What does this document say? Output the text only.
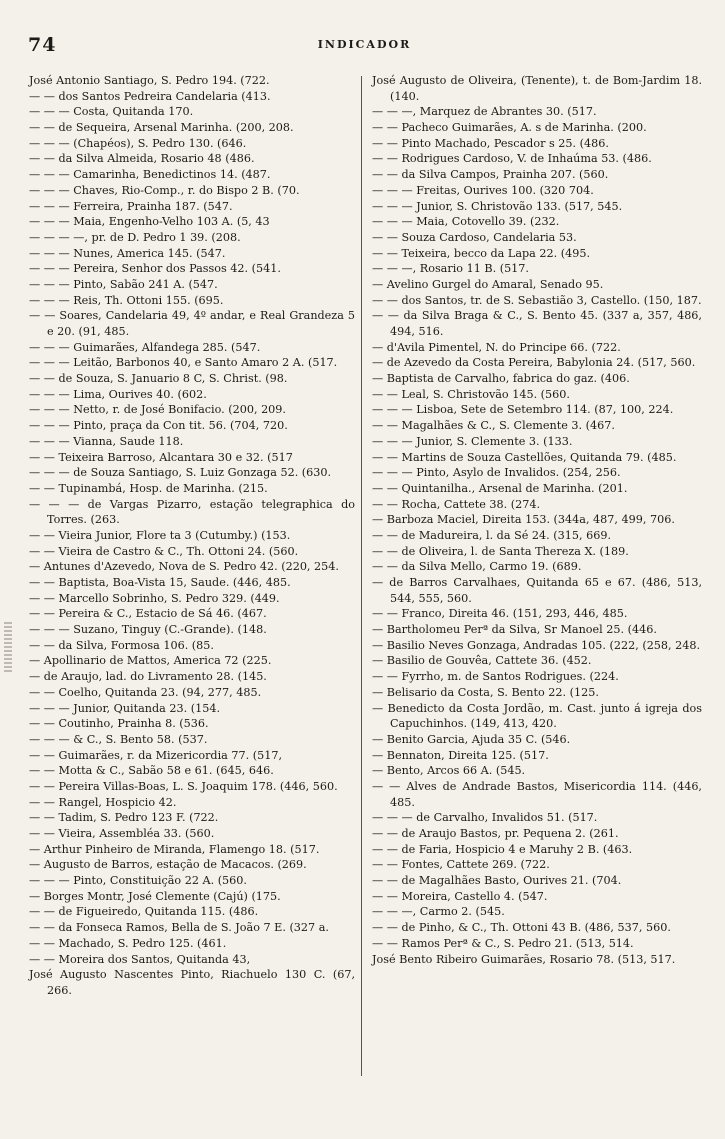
74	INDICADOR

José Antonio Santiago, S. Pedro 194. (722.

— — dos Santos Pedreira Candelaria (413.

— — — Costa, Quitanda 170.

— — de Sequeira, Arsenal Marinha. (200, 208.

— — — (Chapéos), S. Pedro 130. (646.

— — da Silva Almeida, Rosario 48 (486.

— — — Camarinha, Benedictinos 14. (487.

— — — Chaves, Rio-Comp., r. do Bispo 2 B. (70.

— — — Ferreira, Prainha 187. (547.

— — — Maia, Engenho-Velho 103 A. (5, 43

— — — —, pr. de D. Pedro 1 39. (208.

— — — Nunes, America 145. (547.

— — — Pereira, Senhor dos Passos 42. (541.

— — — Pinto, Sabão 241 A. (547.

— — — Reis, Th. Ottoni 155. (695.

— — Soares, Candelaria 49, 4º andar, e Real Grandeza 5 e 20. (91, 485.

— — — Guimarães, Alfandega 285. (547.

— — — Leitão, Barbonos 40, e Santo Amaro 2 A. (517.

— — de Souza, S. Januario 8 C, S. Christ. (98.

— — — Lima, Ourives 40. (602.

— — — Netto, r. de José Bonifacio. (200, 209.

— — — Pinto, praça da Con tit. 56. (704, 720.

— — — Vianna, Saude 118.

— — Teixeira Barroso, Alcantara 30 e 32. (517

— — — de Souza Santiago, S. Luiz Gonzaga 52. (630.

— — Tupinambá, Hosp. de Marinha. (215.

— — — de Vargas Pizarro, estação telegraphica do Torres. (263.

— — Vieira Junior, Flore ta 3 (Cutumby.) (153.

— — Vieira de Castro & C., Th. Ottoni 24. (560.

— Antunes d'Azevedo, Nova de S. Pedro 42. (220, 254.

— — Baptista, Boa-Vista 15, Saude. (446, 485.

— — Marcello Sobrinho, S. Pedro 329. (449.

— — Pereira & C., Estacio de Sá 46. (467.

— — — Suzano, Tinguy (C.-Grande). (148.

— — da Silva, Formosa 106. (85.

— Apollinario de Mattos, America 72 (225.

— de Araujo, lad. do Livramento 28. (145.

— — Coelho, Quitanda 23. (94, 277, 485.

— — — Junior, Quitanda 23. (154.

— — Coutinho, Prainha 8. (536.

— — — & C., S. Bento 58. (537.

— — Guimarães, r. da Mizericordia 77. (517,

— — Motta & C., Sabão 58 e 61. (645, 646.

— — Pereira Villas-Boas, L. S. Joaquim 178. (446, 560.

— — Rangel, Hospicio 42.

— — Tadim, S. Pedro 123 F. (722.

— — Vieira, Assembléa 33. (560.

— Arthur Pinheiro de Miranda, Flamengo 18. (517.

— Augusto de Barros, estação de Macacos. (269.

— — — Pinto, Constituição 22 A. (560.

— Borges Montr, José Clemente (Cajú) (175.

— — de Figueiredo, Quitanda 115. (486.

— — da Fonseca Ramos, Bella de S. João 7 E. (327 a.

— — Machado, S. Pedro 125. (461.

— — Moreira dos Santos, Quitanda 43,

José Augusto Nascentes Pinto, Riachuelo 130 C. (67, 266.

José Augusto de Oliveira, (Tenente), t. de Bom-Jardim 18. (140.

— — —, Marquez de Abrantes 30. (517.

— — Pacheco Guimarães, A. s de Marinha. (200.

— — Pinto Machado, Pescador s 25. (486.

— — Rodrigues Cardoso, V. de Inhaúma 53. (486.

— — da Silva Campos, Prainha 207. (560.

— — — Freitas, Ourives 100. (320 704.

— — — Junior, S. Christovão 133. (517, 545.

— — — Maia, Cotovello 39. (232.

— — Souza Cardoso, Candelaria 53.

— — Teixeira, becco da Lapa 22. (495.

— — —, Rosario 11 B. (517.

— Avelino Gurgel do Amaral, Senado 95.

— — dos Santos, tr. de S. Sebastião 3, Castello. (150, 187.

— — da Silva Braga & C., S. Bento 45. (337 a, 357, 486, 494, 516.

— d'Avila Pimentel, N. do Principe 66. (722.

— de Azevedo da Costa Pereira, Babylonia 24. (517, 560.

— Baptista de Carvalho, fabrica do gaz. (406.

— — Leal, S. Christovão 145. (560.

— — — Lisboa, Sete de Setembro 114. (87, 100, 224.

— — Magalhães & C., S. Clemente 3. (467.

— — — Junior, S. Clemente 3. (133.

— — Martins de Souza Castellões, Quitanda 79. (485.

— — — Pinto, Asylo de Invalidos. (254, 256.

— — Quintanilha., Arsenal de Marinha. (201.

— — Rocha, Cattete 38. (274.

— Barboza Maciel, Direita 153. (344a, 487, 499, 706.

— — de Madureira, l. da Sé 24. (315, 669.

— — de Oliveira, l. de Santa Thereza X. (189.

— — da Silva Mello, Carmo 19. (689.

— de Barros Carvalhaes, Quitanda 65 e 67. (486, 513, 544, 555, 560.

— — Franco, Direita 46. (151, 293, 446, 485.

— Bartholomeu Perª da Silva, Sr Manoel 25. (446.

— Basilio Neves Gonzaga, Andradas 105. (222, (258, 248.

— Basilio de Gouvêa, Cattete 36. (452.

— — Fyrrho, m. de Santos Rodrigues. (224.

— Belisario da Costa, S. Bento 22. (125.

— Benedicto da Costa Jordão, m. Cast. junto á igreja dos Capuchinhos. (149, 413, 420.

— Benito Garcia, Ajuda 35 C. (546.

— Bennaton, Direita 125. (517.

— Bento, Arcos 66 A. (545.

— — Alves de Andrade Bastos, Misericordia 114. (446, 485.

— — — de Carvalho, Invalidos 51. (517.

— — de Araujo Bastos, pr. Pequena 2. (261.

— — de Faria, Hospicio 4 e Maruhy 2 B. (463.

— — Fontes, Cattete 269. (722.

— — de Magalhães Basto, Ourives 21. (704.

— — Moreira, Castello 4. (547.

— — —, Carmo 2. (545.

— — de Pinho, & C., Th. Ottoni 43 B. (486, 537, 560.

— — Ramos Perª & C., S. Pedro 21. (513, 514.

José Bento Ribeiro Guimarães, Rosario 78. (513, 517.
